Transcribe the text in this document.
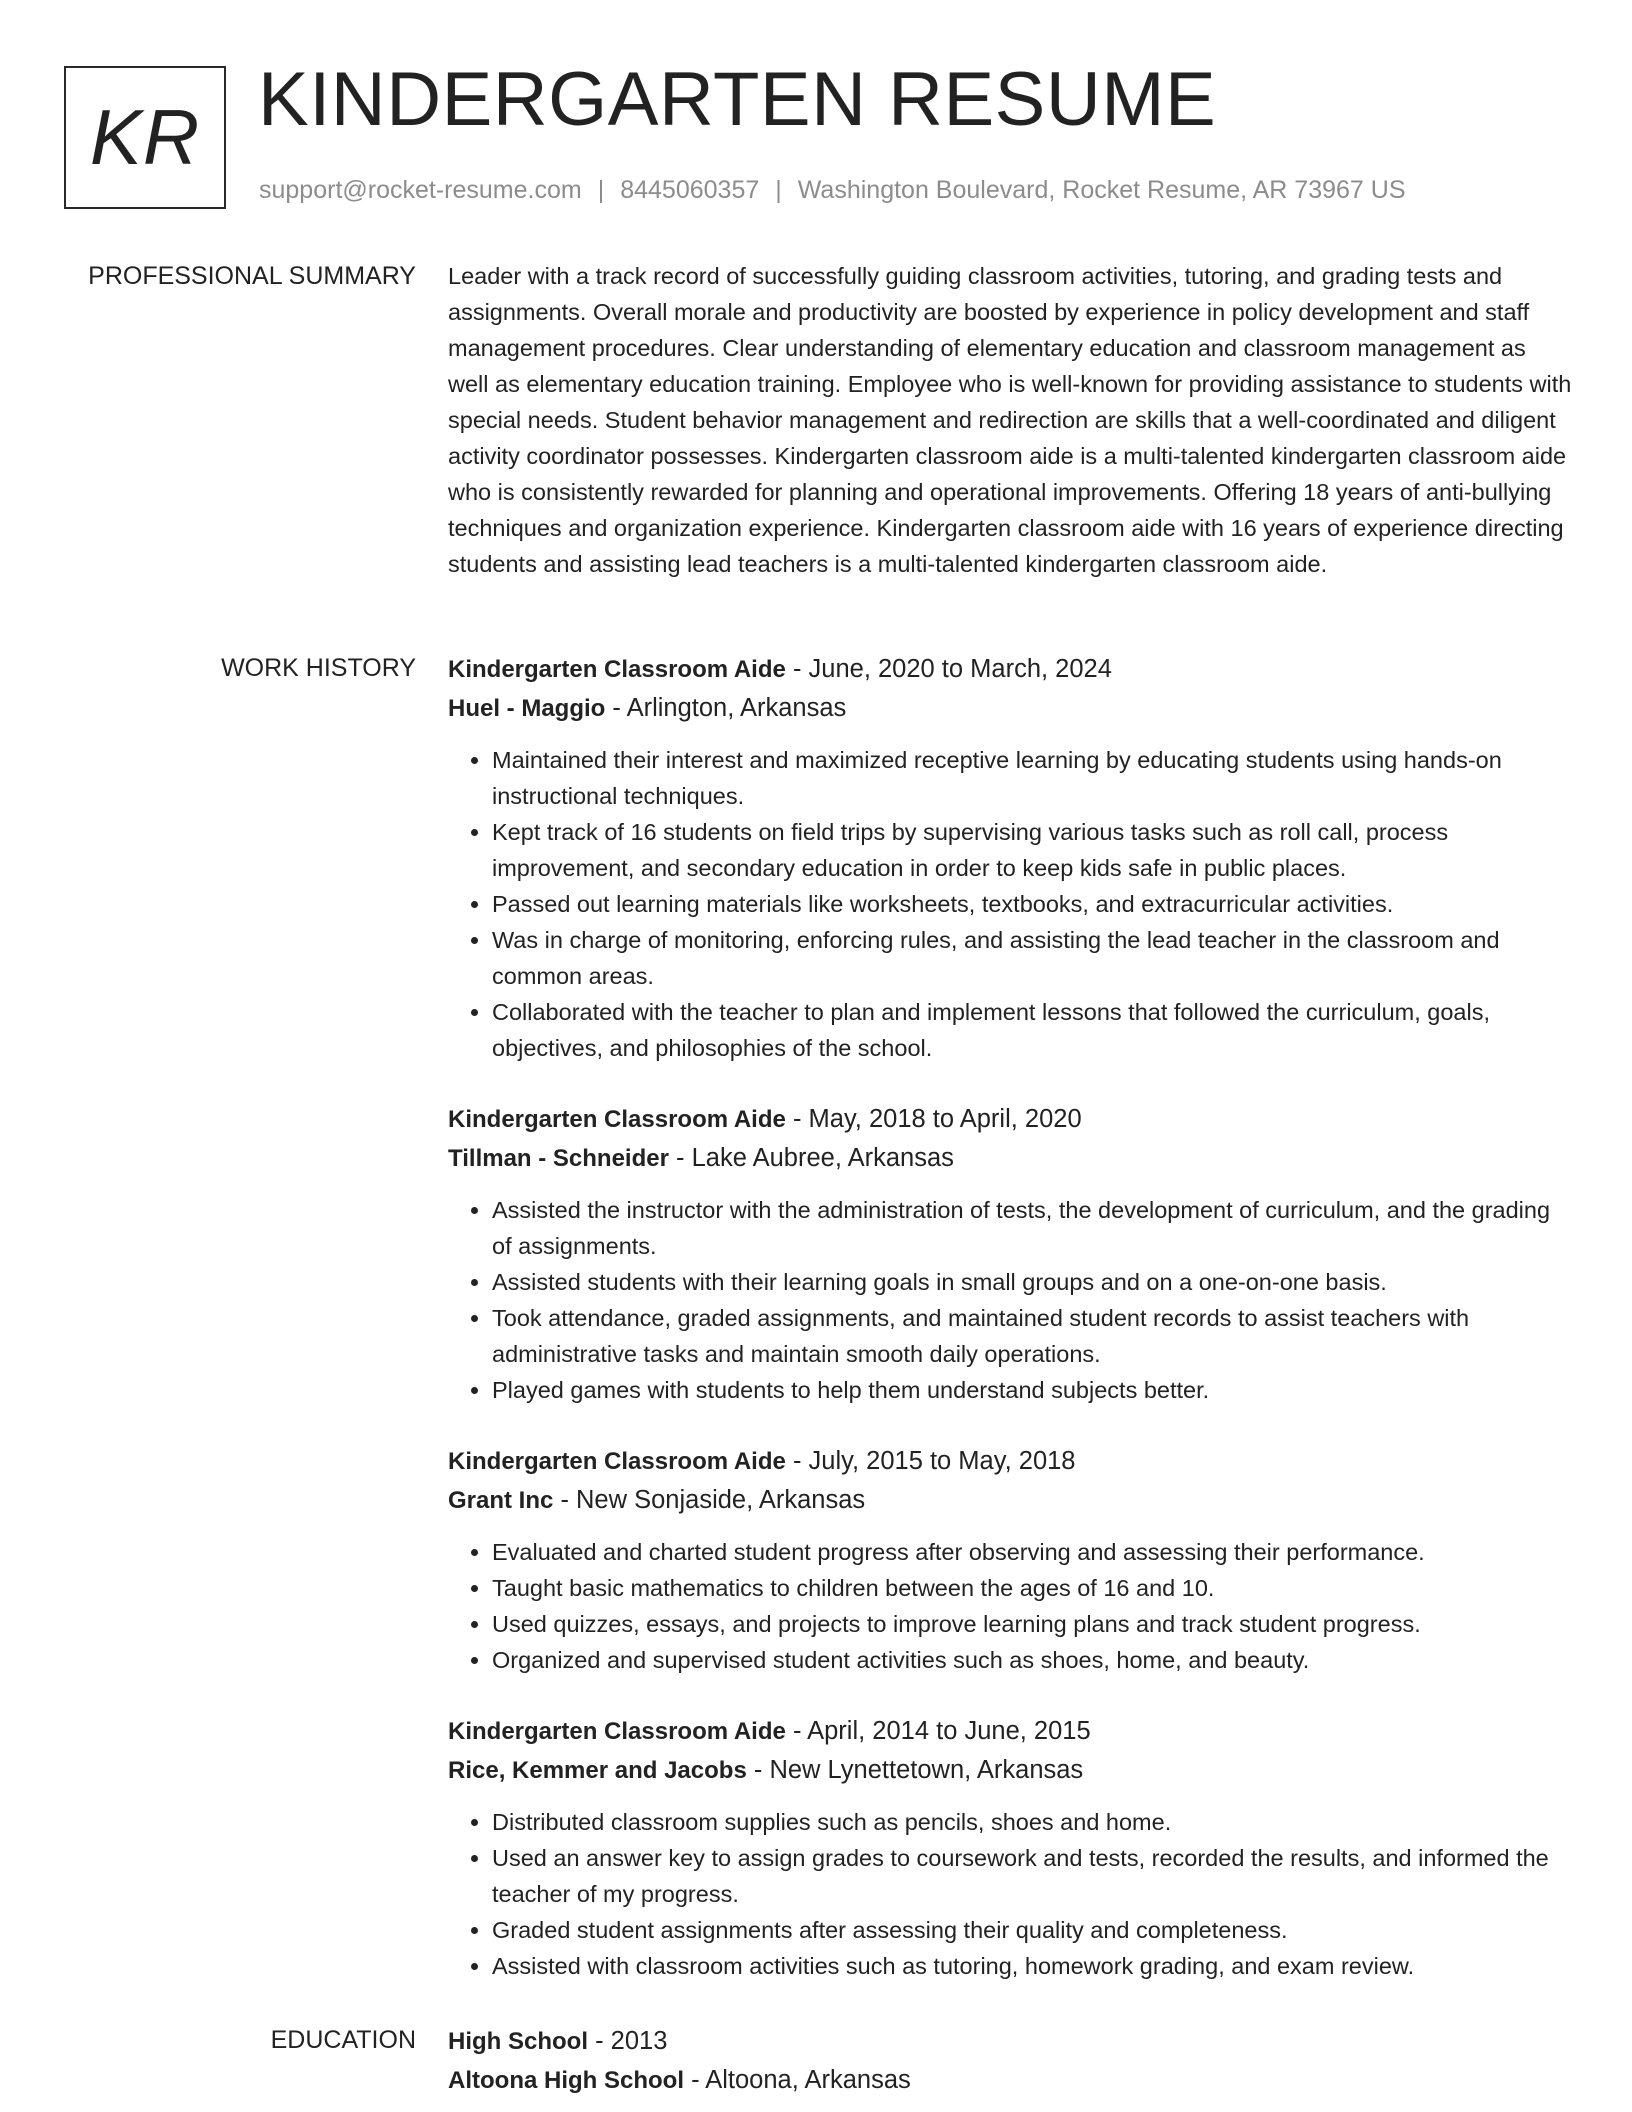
KR KINDERGARTEN RESUME
support@rocket-resume.com | 8445060357 | Washington Boulevard, Rocket Resume, AR 73967 US
PROFESSIONAL SUMMARY Leader with a track record of successfully guiding classroom activities, tutoring, and grading tests and assignments. Overall morale and productivity are boosted by experience in policy development and staff management procedures. Clear understanding of elementary education and classroom management as well as elementary education training. Employee who is well-known for providing assistance to students with special needs. Student behavior management and redirection are skills that a well-coordinated and diligent activity coordinator possesses. Kindergarten classroom aide is a multi-talented kindergarten classroom aide who is consistently rewarded for planning and operational improvements. Offering 18 years of anti-bullying techniques and organization experience. Kindergarten classroom aide with 16 years of experience directing students and assisting lead teachers is a multi-talented kindergarten classroom aide.

WORK HISTORY Kindergarten Classroom Aide - June, 2020 to March, 2024
Huel - Maggio - Arlington, Arkansas
• Maintained their interest and maximized receptive learning by educating students using hands-on instructional techniques.
• Kept track of 16 students on field trips by supervising various tasks such as roll call, process improvement, and secondary education in order to keep kids safe in public places.
• Passed out learning materials like worksheets, textbooks, and extracurricular activities.
• Was in charge of monitoring, enforcing rules, and assisting the lead teacher in the classroom and common areas.
• Collaborated with the teacher to plan and implement lessons that followed the curriculum, goals, objectives, and philosophies of the school.
Kindergarten Classroom Aide - May, 2018 to April, 2020
Tillman - Schneider - Lake Aubree, Arkansas
• Assisted the instructor with the administration of tests, the development of curriculum, and the grading of assignments.
• Assisted students with their learning goals in small groups and on a one-on-one basis.
• Took attendance, graded assignments, and maintained student records to assist teachers with administrative tasks and maintain smooth daily operations.
• Played games with students to help them understand subjects better.
Kindergarten Classroom Aide - July, 2015 to May, 2018
Grant Inc - New Sonjaside, Arkansas
• Evaluated and charted student progress after observing and assessing their performance.
• Taught basic mathematics to children between the ages of 16 and 10.
• Used quizzes, essays, and projects to improve learning plans and track student progress.
• Organized and supervised student activities such as shoes, home, and beauty.
Kindergarten Classroom Aide - April, 2014 to June, 2015
Rice, Kemmer and Jacobs - New Lynettetown, Arkansas
• Distributed classroom supplies such as pencils, shoes and home.
• Used an answer key to assign grades to coursework and tests, recorded the results, and informed the teacher of my progress.
• Graded student assignments after assessing their quality and completeness.
• Assisted with classroom activities such as tutoring, homework grading, and exam review.
EDUCATION High School - 2013
Altoona High School - Altoona, Arkansas
